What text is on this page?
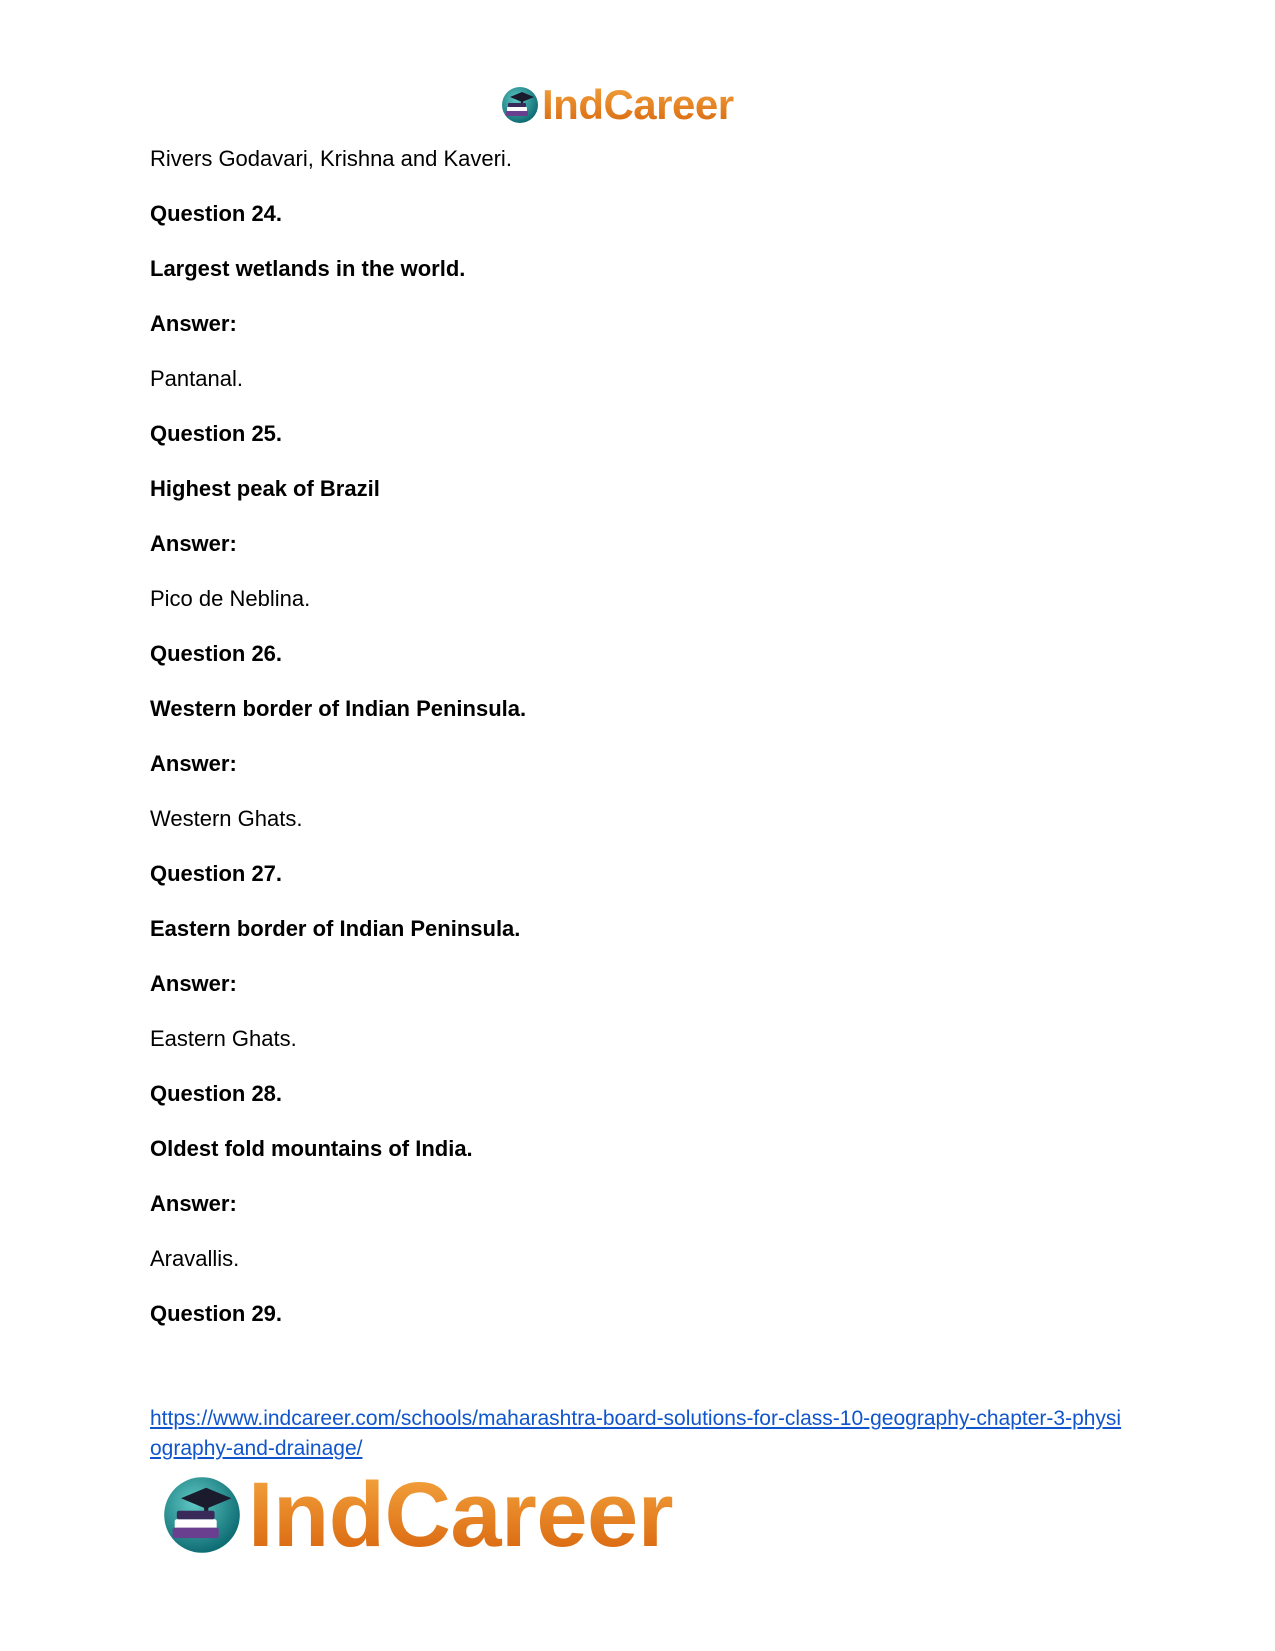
IndCareer
Rivers Godavari, Krishna and Kaveri.
Question 24.
Largest wetlands in the world.
Answer:
Pantanal.
Question 25.
Highest peak of Brazil
Answer:
Pico de Neblina.
Question 26.
Western border of Indian Peninsula.
Answer:
Western Ghats.
Question 27.
Eastern border of Indian Peninsula.
Answer:
Eastern Ghats.
Question 28.
Oldest fold mountains of India.
Answer:
Aravallis.
Question 29.
https://www.indcareer.com/schools/maharashtra-board-solutions-for-class-10-geography-chapter-3-physiography-and-drainage/
IndCareer
